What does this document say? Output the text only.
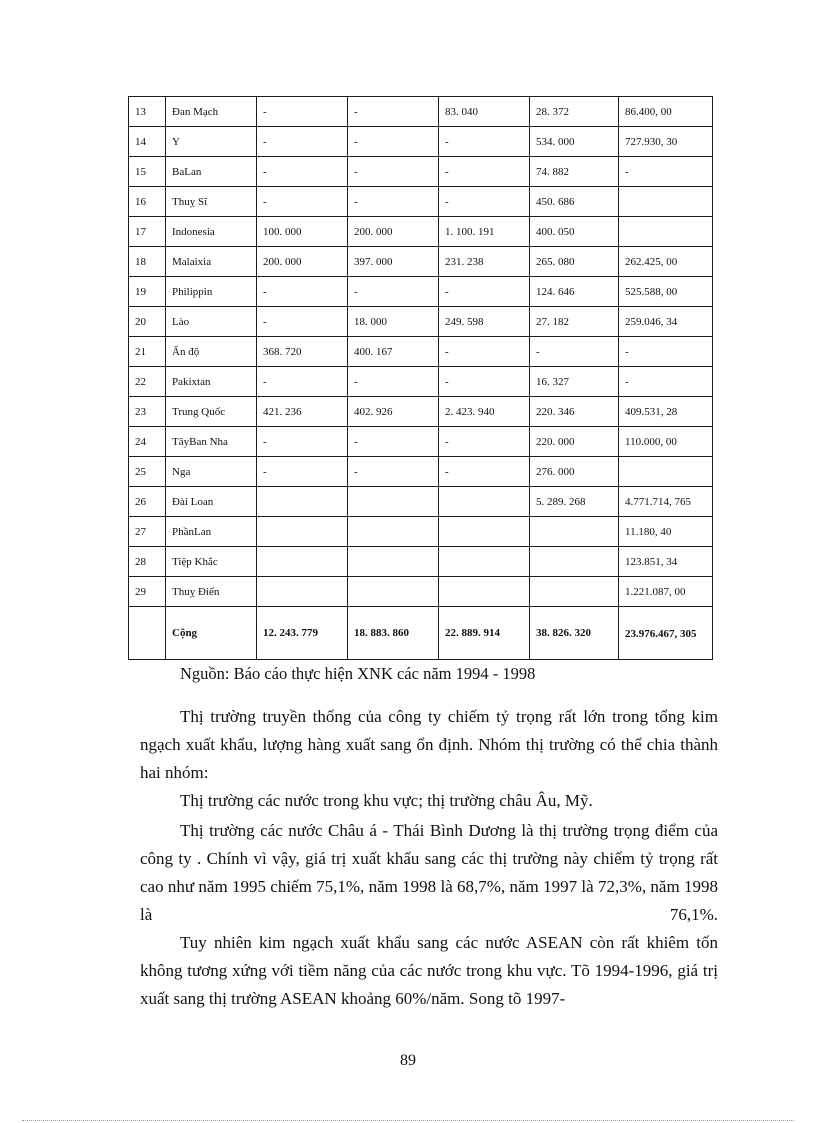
13	Đan Mạch	-	-	83. 040	28. 372	86.400, 00
14	Y	-	-	-	534. 000	727.930, 30
15	BaLan	-	-	-	74. 882	-
16	Thuỵ Sĩ	-	-	-	450. 686	
17	Indonesia	100. 000	200. 000	1. 100. 191	400. 050	
18	Malaixia	200. 000	397. 000	231. 238	265. 080	262.425, 00
19	Philippin	-	-	-	124. 646	525.588, 00
20	Lào	-	18. 000	249. 598	27. 182	259.046, 34
21	Ấn độ	368. 720	400. 167	-	-	-
22	Pakixtan	-	-	-	16. 327	-
23	Trung Quốc	421. 236	402. 926	2. 423. 940	220. 346	409.531, 28
24	TâyBan Nha	-	-	-	220. 000	110.000, 00
25	Nga	-	-	-	276. 000	
26	Đài Loan				5. 289. 268	4.771.714, 765
27	PhầnLan					11.180, 40
28	Tiệp Khắc					123.851, 34
29	Thuỵ Điển					1.221.087, 00
	Cộng	12. 243. 779	18. 883. 860	22. 889. 914	38. 826. 320	23.976.467, 305
Nguồn: Báo cáo thực hiện XNK các năm 1994 - 1998

Thị trường truyền thống của công ty chiếm tỷ trọng rất lớn trong tổng kim ngạch xuất khẩu, lượng hàng xuất sang ổn định. Nhóm thị trường có thể chia thành hai nhóm:

Thị trường các nước trong khu vực; thị trường châu Âu, Mỹ.

Thị trường các nước Châu á - Thái Bình Dương là thị trường trọng điểm của công ty . Chính vì vậy, giá trị xuất khẩu sang các thị trường này chiếm tỷ trọng rất cao như năm 1995 chiếm 75,1%, năm 1998 là 68,7%, năm 1997 là 72,3%, năm 1998 là 76,1%.

Tuy nhiên kim ngạch xuất khẩu sang các nước ASEAN còn rất khiêm tốn không tương xứng với tiềm năng của các nước trong khu vực. Tõ 1994-1996, giá trị xuất sang thị trường ASEAN khoảng 60%/năm. Song tõ 1997-

89
